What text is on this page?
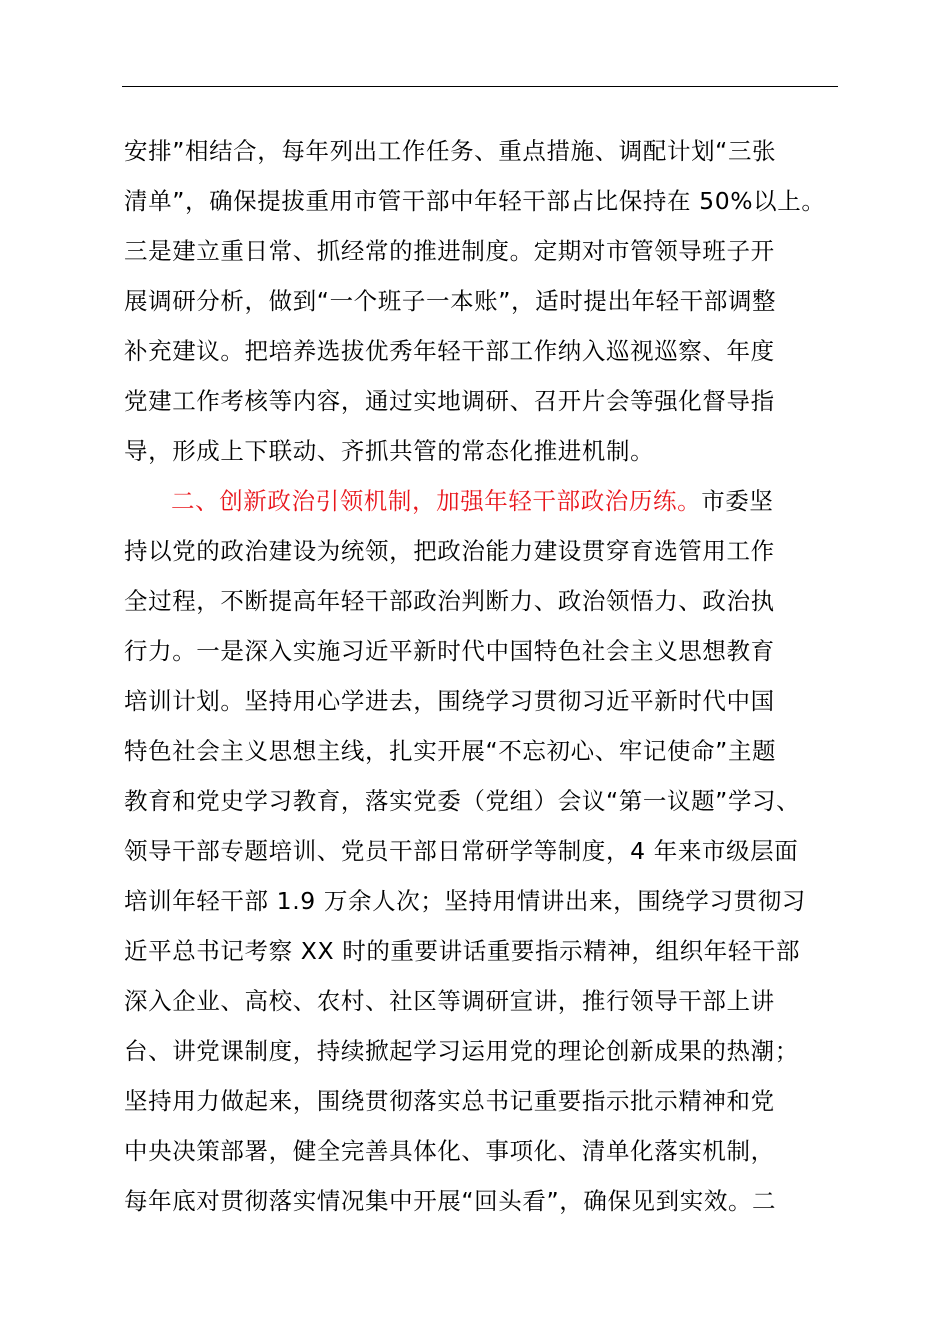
安排”相结合，每年列出工作任务、重点措施、调配计划“三张
清单”，确保提拔重用市管干部中年轻干部占比保持在 50%以上。
三是建立重日常、抓经常的推进制度。定期对市管领导班子开
展调研分析，做到“一个班子一本账”，适时提出年轻干部调整
补充建议。把培养选拔优秀年轻干部工作纳入巡视巡察、年度
党建工作考核等内容，通过实地调研、召开片会等强化督导指
导，形成上下联动、齐抓共管的常态化推进机制。
二、创新政治引领机制，加强年轻干部政治历练。市委坚
持以党的政治建设为统领，把政治能力建设贯穿育选管用工作
全过程，不断提高年轻干部政治判断力、政治领悟力、政治执
行力。一是深入实施习近平新时代中国特色社会主义思想教育
培训计划。坚持用心学进去，围绕学习贯彻习近平新时代中国
特色社会主义思想主线，扎实开展“不忘初心、牢记使命”主题
教育和党史学习教育，落实党委（党组）会议“第一议题”学习、
领导干部专题培训、党员干部日常研学等制度，4 年来市级层面
培训年轻干部 1.9 万余人次；坚持用情讲出来，围绕学习贯彻习
近平总书记考察 XX 时的重要讲话重要指示精神，组织年轻干部
深入企业、高校、农村、社区等调研宣讲，推行领导干部上讲
台、讲党课制度，持续掀起学习运用党的理论创新成果的热潮；
坚持用力做起来，围绕贯彻落实总书记重要指示批示精神和党
中央决策部署，健全完善具体化、事项化、清单化落实机制，
每年底对贯彻落实情况集中开展“回头看”，确保见到实效。二
